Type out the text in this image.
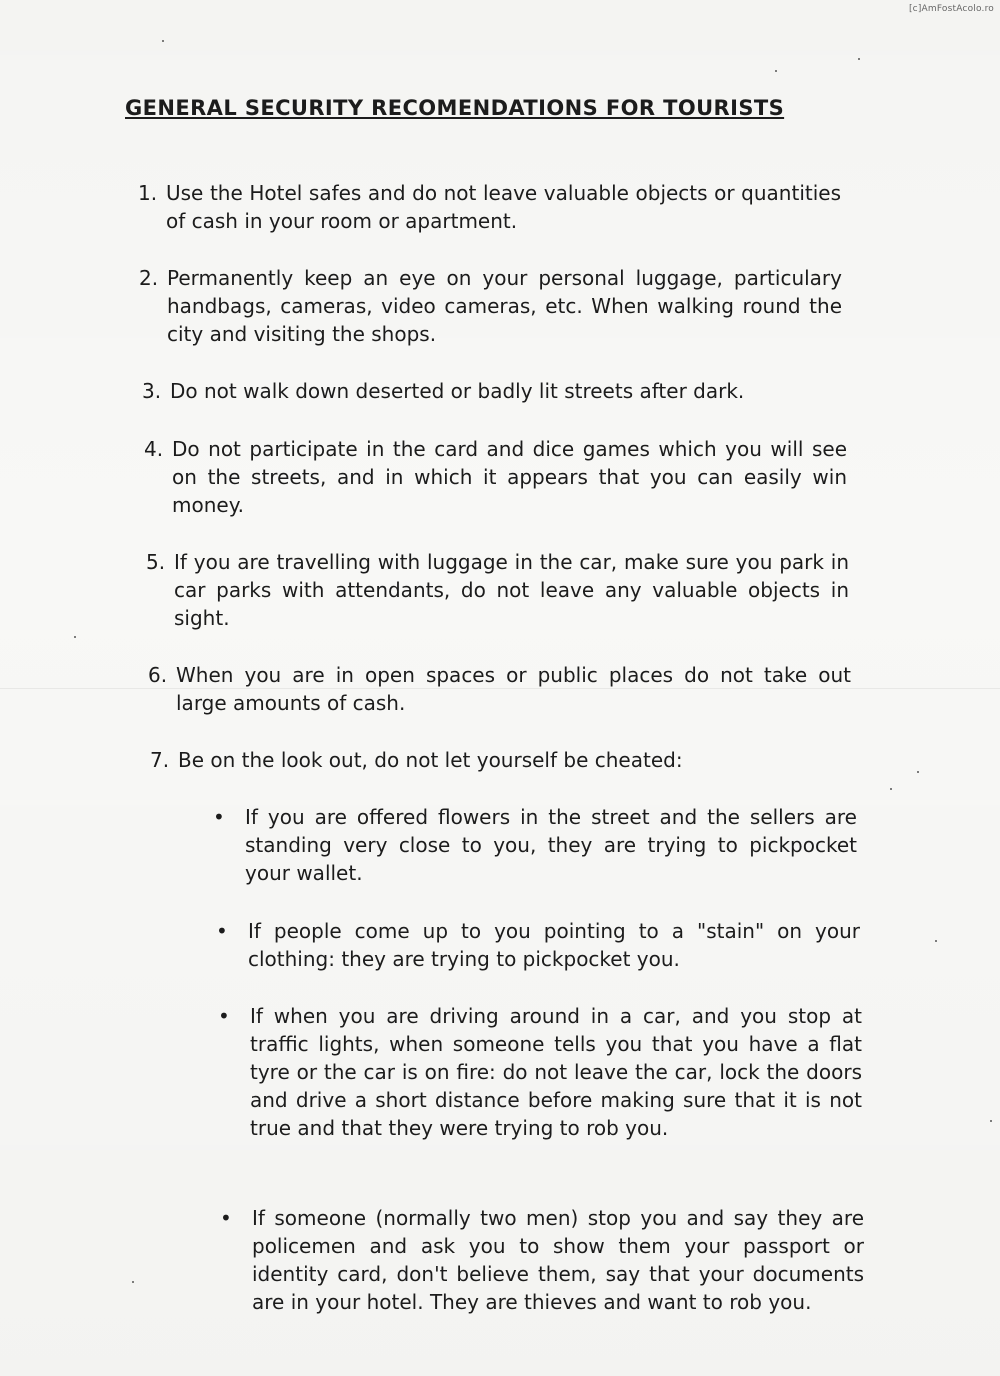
[c]AmFostAcolo.ro
GENERAL SECURITY RECOMENDATIONS FOR TOURISTS
1. Use the Hotel safes and do not leave valuable objects or quantities of cash in your room or apartment.
2. Permanently keep an eye on your personal luggage, particulary handbags, cameras, video cameras, etc. When walking round the city and visiting the shops.
3. Do not walk down deserted or badly lit streets after dark.
4. Do not participate in the card and dice games which you will see on the streets, and in which it appears that you can easily win money.
5. If you are travelling with luggage in the car, make sure you park in car parks with attendants, do not leave any valuable objects in sight.
6. When you are in open spaces or public places do not take out large amounts of cash.
7. Be on the look out, do not let yourself be cheated:
• If you are offered flowers in the street and the sellers are standing very close to you, they are trying to pickpocket your wallet.
• If people come up to you pointing to a "stain" on your clothing: they are trying to pickpocket you.
• If when you are driving around in a car, and you stop at traffic lights, when someone tells you that you have a flat tyre or the car is on fire: do not leave the car, lock the doors and drive a short distance before making sure that it is not true and that they were trying to rob you.
• If someone (normally two men) stop you and say they are policemen and ask you to show them your passport or identity card, don't believe them, say that your documents are in your hotel. They are thieves and want to rob you.
